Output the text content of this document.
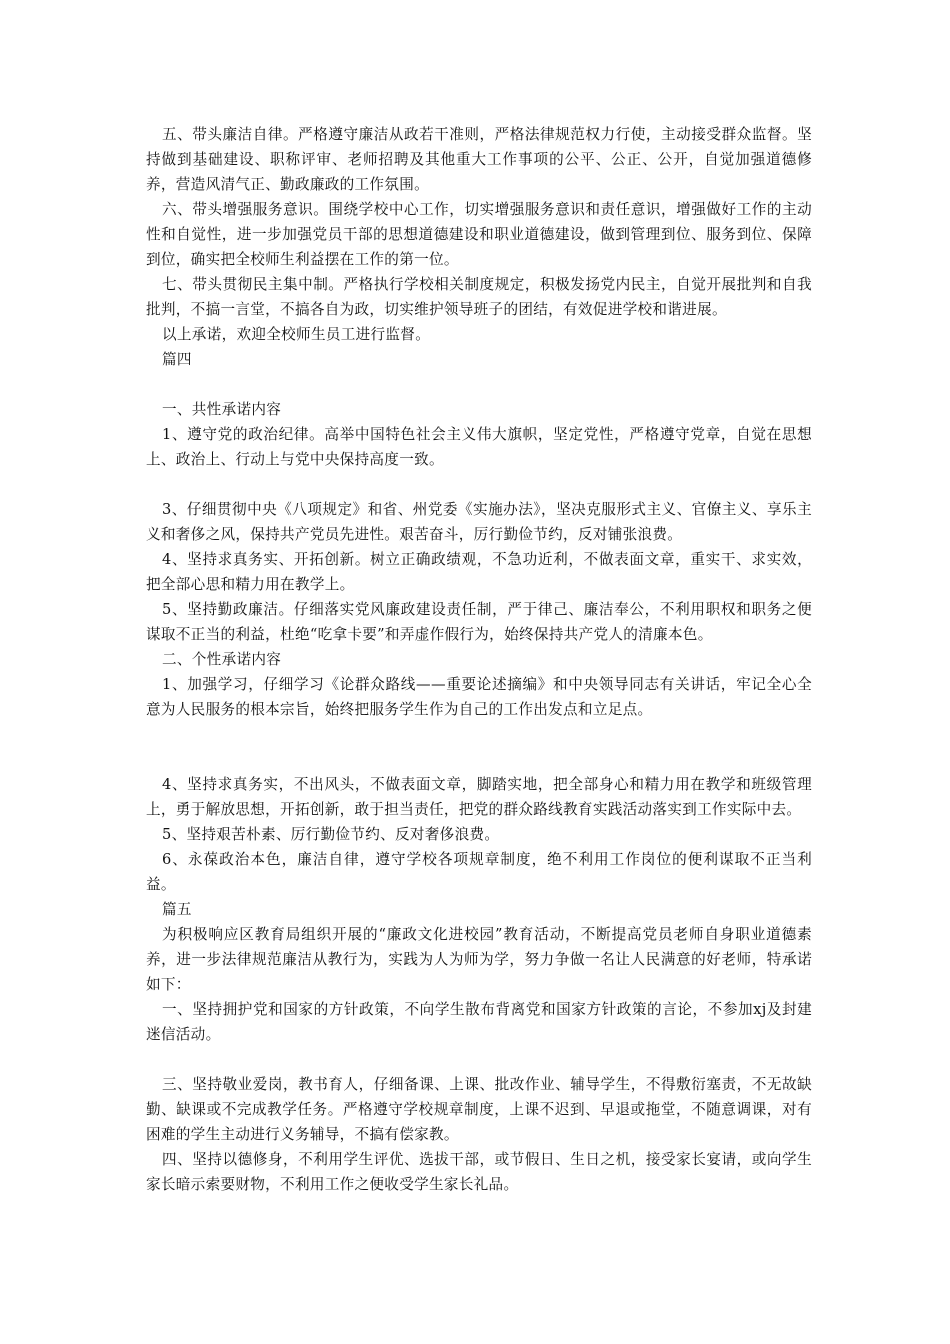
五、带头廉洁自律。严格遵守廉洁从政若干准则，严格法律规范权力行使，主动接受群众监督。坚持做到基础建设、职称评审、老师招聘及其他重大工作事项的公平、公正、公开，自觉加强道德修养，营造风清气正、勤政廉政的工作氛围。

六、带头增强服务意识。围绕学校中心工作，切实增强服务意识和责任意识，增强做好工作的主动性和自觉性，进一步加强党员干部的思想道德建设和职业道德建设，做到管理到位、服务到位、保障到位，确实把全校师生利益摆在工作的第一位。

七、带头贯彻民主集中制。严格执行学校相关制度规定，积极发扬党内民主，自觉开展批判和自我批判，不搞一言堂，不搞各自为政，切实维护领导班子的团结，有效促进学校和谐进展。

以上承诺，欢迎全校师生员工进行监督。

篇四

一、共性承诺内容

1、遵守党的政治纪律。高举中国特色社会主义伟大旗帜，坚定党性，严格遵守党章，自觉在思想上、政治上、行动上与党中央保持高度一致。

3、仔细贯彻中央《八项规定》和省、州党委《实施办法》，坚决克服形式主义、官僚主义、享乐主义和奢侈之风，保持共产党员先进性。艰苦奋斗，厉行勤俭节约，反对铺张浪费。

4、坚持求真务实、开拓创新。树立正确政绩观，不急功近利，不做表面文章，重实干、求实效，把全部心思和精力用在教学上。

5、坚持勤政廉洁。仔细落实党风廉政建设责任制，严于律己、廉洁奉公，不利用职权和职务之便谋取不正当的利益，杜绝“吃拿卡要”和弄虚作假行为，始终保持共产党人的清廉本色。

二、个性承诺内容

1、加强学习，仔细学习《论群众路线——重要论述摘编》和中央领导同志有关讲话，牢记全心全意为人民服务的根本宗旨，始终把服务学生作为自己的工作出发点和立足点。

4、坚持求真务实，不出风头，不做表面文章，脚踏实地，把全部身心和精力用在教学和班级管理上，勇于解放思想，开拓创新，敢于担当责任，把党的群众路线教育实践活动落实到工作实际中去。

5、坚持艰苦朴素、厉行勤俭节约、反对奢侈浪费。

6、永葆政治本色，廉洁自律，遵守学校各项规章制度，绝不利用工作岗位的便利谋取不正当利益。

篇五

为积极响应区教育局组织开展的“廉政文化进校园”教育活动，不断提高党员老师自身职业道德素养，进一步法律规范廉洁从教行为，实践为人为师为学，努力争做一名让人民满意的好老师，特承诺如下：

一、坚持拥护党和国家的方针政策，不向学生散布背离党和国家方针政策的言论，不参加xj及封建迷信活动。

三、坚持敬业爱岗，教书育人，仔细备课、上课、批改作业、辅导学生，不得敷衍塞责，不无故缺勤、缺课或不完成教学任务。严格遵守学校规章制度，上课不迟到、早退或拖堂，不随意调课，对有困难的学生主动进行义务辅导，不搞有偿家教。

四、坚持以德修身，不利用学生评优、选拔干部，或节假日、生日之机，接受家长宴请，或向学生家长暗示索要财物，不利用工作之便收受学生家长礼品。
